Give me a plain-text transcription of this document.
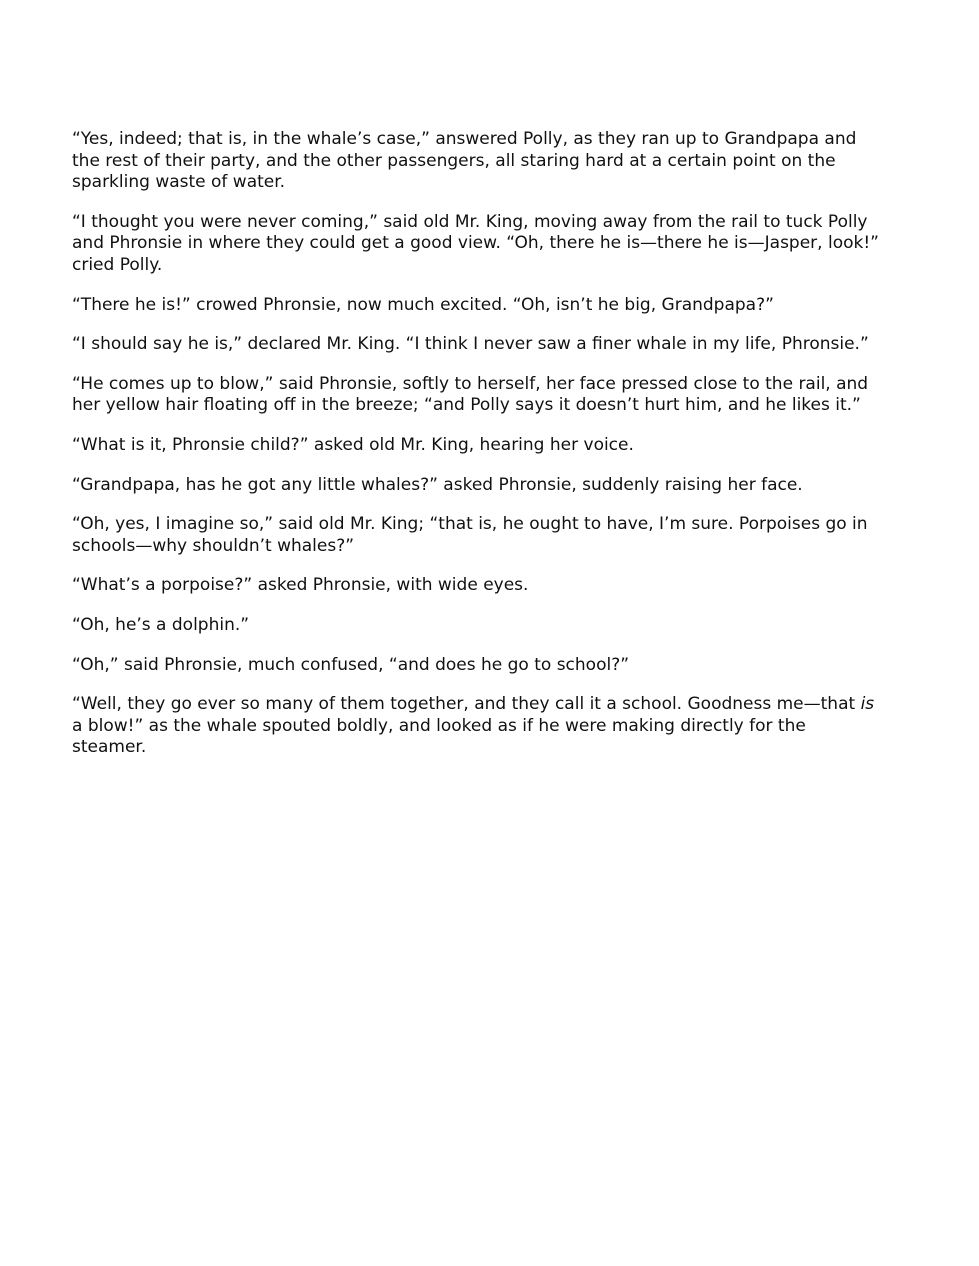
“Yes, indeed; that is, in the whale’s case,” answered Polly, as they ran up to Grandpapa and the rest of their party, and the other passengers, all staring hard at a certain point on the sparkling waste of water.

“I thought you were never coming,” said old Mr. King, moving away from the rail to tuck Polly and Phronsie in where they could get a good view. “Oh, there he is—there he is—Jasper, look!” cried Polly.

“There he is!” crowed Phronsie, now much excited. “Oh, isn’t he big, Grandpapa?”

“I should say he is,” declared Mr. King. “I think I never saw a finer whale in my life, Phronsie.”

“He comes up to blow,” said Phronsie, softly to herself, her face pressed close to the rail, and her yellow hair floating off in the breeze; “and Polly says it doesn’t hurt him, and he likes it.”

“What is it, Phronsie child?” asked old Mr. King, hearing her voice.

“Grandpapa, has he got any little whales?” asked Phronsie, suddenly raising her face.

“Oh, yes, I imagine so,” said old Mr. King; “that is, he ought to have, I’m sure. Porpoises go in schools—why shouldn’t whales?”

“What’s a porpoise?” asked Phronsie, with wide eyes.

“Oh, he’s a dolphin.”

“Oh,” said Phronsie, much confused, “and does he go to school?”

“Well, they go ever so many of them together, and they call it a school. Goodness me—that is a blow!” as the whale spouted boldly, and looked as if he were making directly for the steamer.
